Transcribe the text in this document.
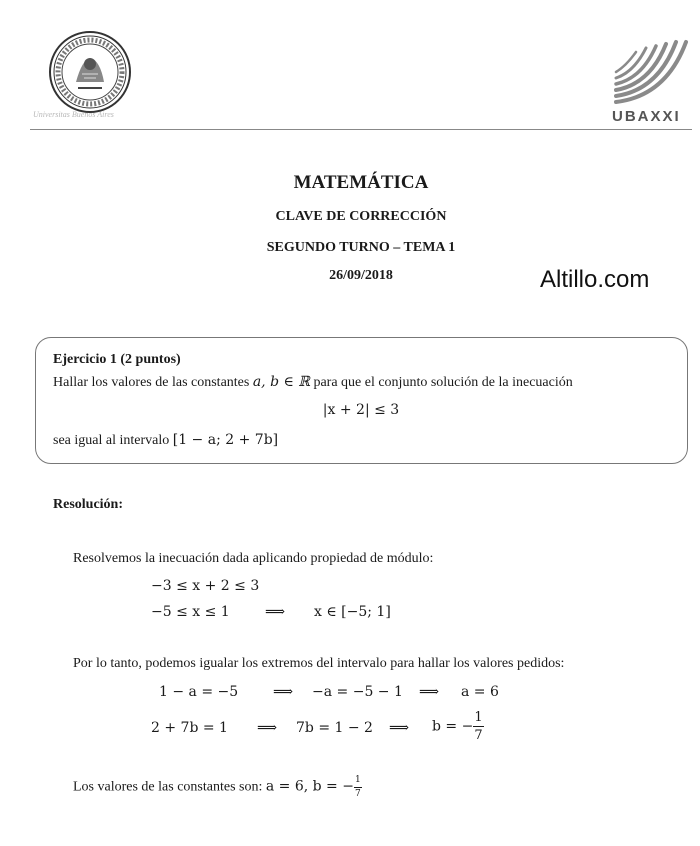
Universitas Buenos Aires	UBAXXI
MATEMÁTICA
CLAVE DE CORRECCIÓN
SEGUNDO TURNO – TEMA 1
26/09/2018	Altillo.com
Ejercicio 1 (2 puntos)
Hallar los valores de las constantes a, b ∈ ℝ para que el conjunto solución de la inecuación
|x + 2| ≤ 3
sea igual al intervalo [1 − a; 2 + 7b]
Resolución:
Resolvemos la inecuación dada aplicando propiedad de módulo:
−3 ≤ x + 2 ≤ 3
−5 ≤ x ≤ 1	⟹ x ∈ [−5; 1]
Por lo tanto, podemos igualar los extremos del intervalo para hallar los valores pedidos:
1 − a = −5 ⟹ −a = −5 − 1 ⟹ a = 6
2 + 7b = 1 ⟹ 7b = 1 − 2 ⟹ b = − $\frac{1}{7}$
Los valores de las constantes son: a = 6, b = − $\frac{1}{7}$
